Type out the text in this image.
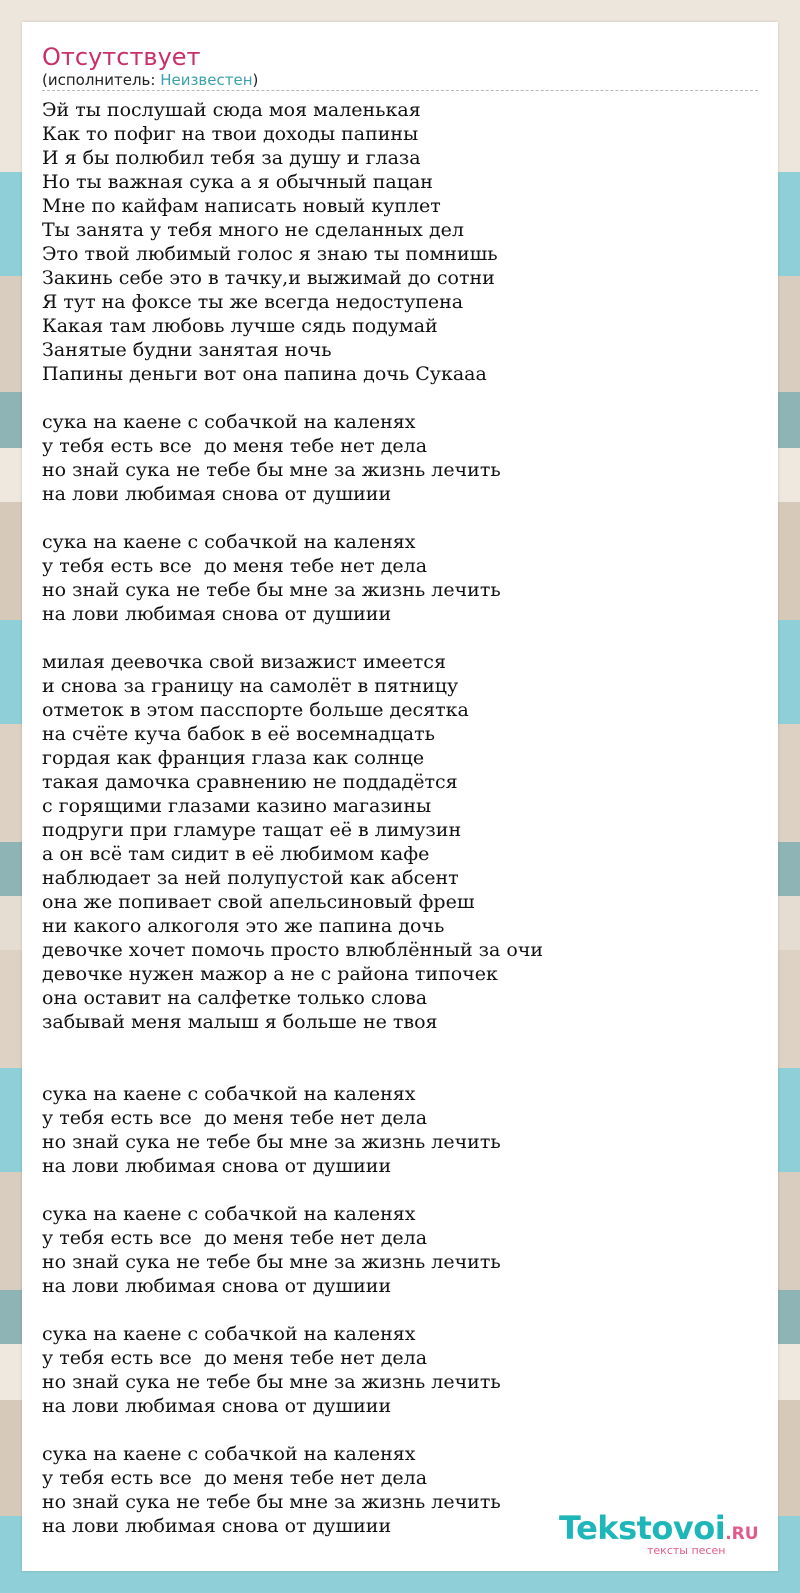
Отсутствует
(исполнитель: Неизвестен)
Эй ты послушай сюда моя маленькая
Как то пофиг на твои доходы папины
И я бы полюбил тебя за душу и глаза
Но ты важная сука а я обычный пацан
Мне по кайфам написать новый куплет
Ты занята у тебя много не сделанных дел
Это твой любимый голос я знаю ты помнишь
Закинь себе это в тачку,и выжимай до сотни
Я тут на фоксе ты же всегда недоступена
Какая там любовь лучше сядь подумай
Занятые будни занятая ночь
Папины деньги вот она папина дочь Сукааа
сука на каене с собачкой на каленях
у тебя есть все  до меня тебе нет дела
но знай сука не тебе бы мне за жизнь лечить
на лови любимая снова от душиии
сука на каене с собачкой на каленях
у тебя есть все  до меня тебе нет дела
но знай сука не тебе бы мне за жизнь лечить
на лови любимая снова от душиии
милая деевочка свой визажист имеется
и снова за границу на самолёт в пятницу
отметок в этом пасспорте больше десятка
на счёте куча бабок в её восемнадцать
гордая как франция глаза как солнце
такая дамочка сравнению не поддадётся
с горящими глазами казино магазины
подруги при гламуре тащат её в лимузин
а он всё там сидит в её любимом кафе
наблюдает за ней полупустой как абсент
она же попивает свой апельсиновый фреш
ни какого алкоголя это же папина дочь
девочке хочет помочь просто влюблённый за очи
девочке нужен мажор а не с района типочек
она оставит на салфетке только слова
забывай меня малыш я больше не твоя
сука на каене с собачкой на каленях
у тебя есть все  до меня тебе нет дела
но знай сука не тебе бы мне за жизнь лечить
на лови любимая снова от душиии
сука на каене с собачкой на каленях
у тебя есть все  до меня тебе нет дела
но знай сука не тебе бы мне за жизнь лечить
на лови любимая снова от душиии
сука на каене с собачкой на каленях
у тебя есть все  до меня тебе нет дела
но знай сука не тебе бы мне за жизнь лечить
на лови любимая снова от душиии
сука на каене с собачкой на каленях
у тебя есть все  до меня тебе нет дела
но знай сука не тебе бы мне за жизнь лечить
на лови любимая снова от душиии	Tekstovoi.RU
тексты песен
